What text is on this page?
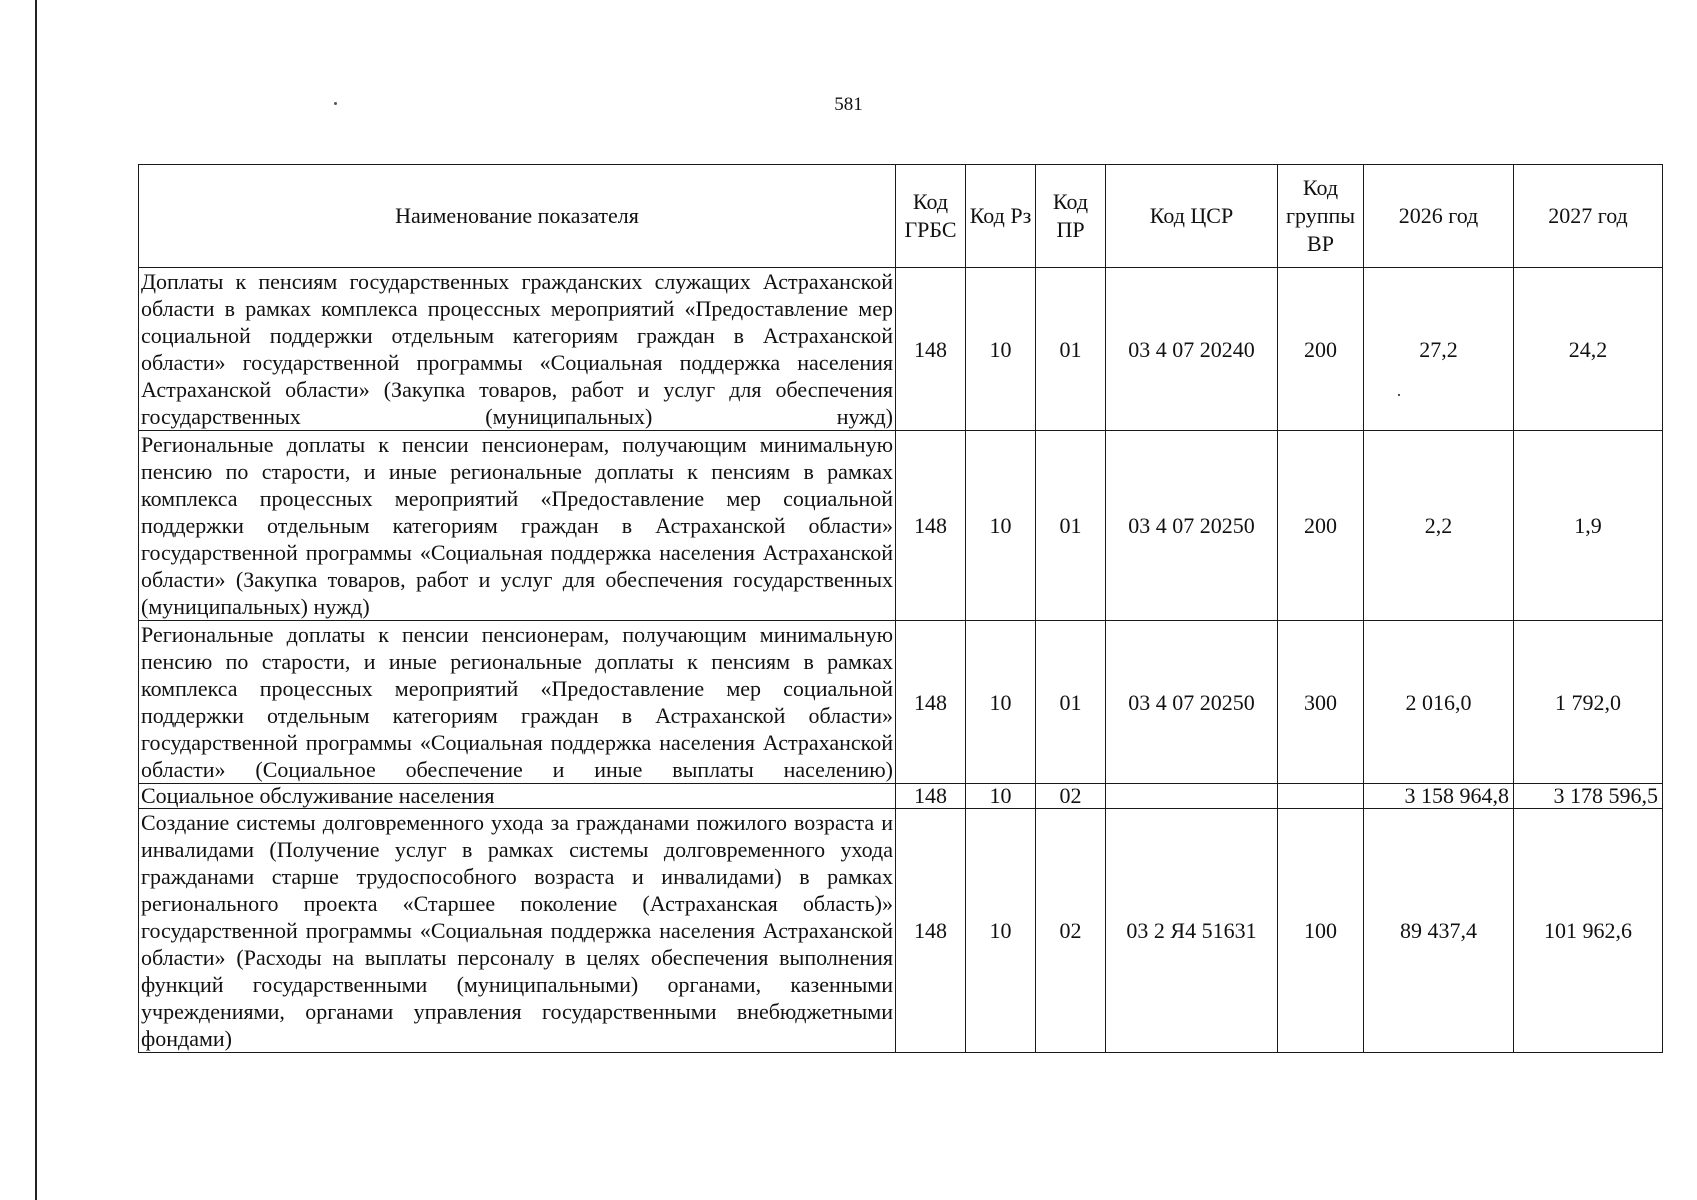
·
581
Наименование показателя	Код ГРБС	Код Рз	Код ПР	Код ЦСР	Код группы ВР	2026 год	2027 год
Доплаты к пенсиям государственных гражданских служащих Астраханской области в рамках комплекса процессных мероприятий «Предоставление мер социальной поддержки отдельным категориям граждан в Астраханской области» государственной программы «Социальная поддержка населения Астраханской области» (Закупка товаров, работ и услуг для обеспечения государственных (муниципальных) нужд)	148	10	01	03 4 07 20240	200	27,2	24,2
Региональные доплаты к пенсии пенсионерам, получающим минимальную пенсию по старости, и иные региональные доплаты к пенсиям в рамках комплекса процессных мероприятий «Предоставление мер социальной поддержки отдельным категориям граждан в Астраханской области» государственной программы «Социальная поддержка населения Астраханской области» (Закупка товаров, работ и услуг для обеспечения государственных (муниципальных) нужд)	148	10	01	03 4 07 20250	200	2,2	1,9
Региональные доплаты к пенсии пенсионерам, получающим минимальную пенсию по старости, и иные региональные доплаты к пенсиям в рамках комплекса процессных мероприятий «Предоставление мер социальной поддержки отдельным категориям граждан в Астраханской области» государственной программы «Социальная поддержка населения Астраханской области» (Социальное обеспечение и иные выплаты населению)	148	10	01	03 4 07 20250	300	2 016,0	1 792,0
Социальное обслуживание населения	148	10	02			3 158 964,8	3 178 596,5
Создание системы долговременного ухода за гражданами пожилого возраста и инвалидами (Получение услуг в рамках системы долговременного ухода гражданами старше трудоспособного возраста и инвалидами) в рамках регионального проекта «Старшее поколение (Астраханская область)» государственной программы «Социальная поддержка населения Астраханской области» (Расходы на выплаты персоналу в целях обеспечения выполнения функций государственными (муниципальными) органами, казенными учреждениями, органами управления государственными внебюджетными фондами)	148	10	02	03 2 Я4 51631	100	89 437,4	101 962,6
